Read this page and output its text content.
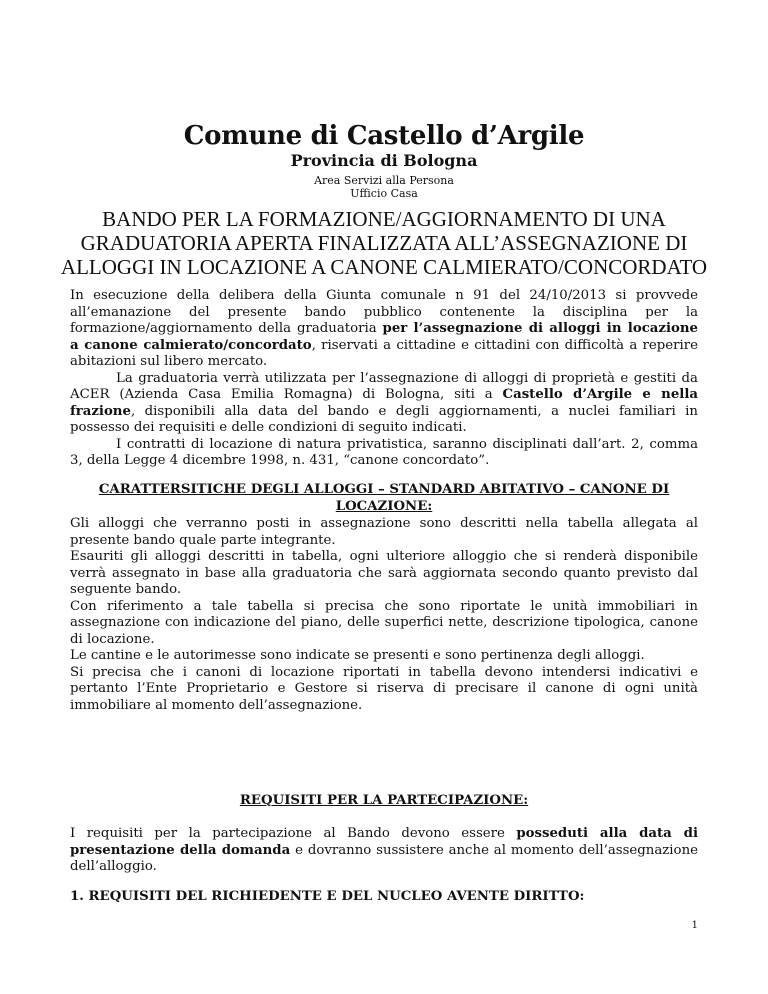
Comune di Castello d’Argile
Provincia di Bologna
Area Servizi alla Persona
Ufficio Casa
BANDO PER LA FORMAZIONE/AGGIORNAMENTO DI UNA
GRADUATORIA APERTA FINALIZZATA ALL’ASSEGNAZIONE DI
ALLOGGI IN LOCAZIONE A CANONE CALMIERATO/CONCORDATO

In esecuzione della delibera della Giunta comunale n 91 del 24/10/2013 si provvede all’emanazione del presente bando pubblico contenente la disciplina per la formazione/aggiornamento della graduatoria per l’assegnazione di alloggi in locazione a canone calmierato/concordato, riservati a cittadine e cittadini con difficoltà a reperire abitazioni sul libero mercato.

La graduatoria verrà utilizzata per l’assegnazione di alloggi di proprietà e gestiti da ACER (Azienda Casa Emilia Romagna) di Bologna, siti a Castello d’Argile e nella frazione, disponibili alla data del bando e degli aggiornamenti, a nuclei familiari in possesso dei requisiti e delle condizioni di seguito indicati.

I contratti di locazione di natura privatistica, saranno disciplinati dall’art. 2, comma 3, della Legge 4 dicembre 1998, n. 431, “canone concordato”.

CARATTERSITICHE DEGLI ALLOGGI – STANDARD ABITATIVO – CANONE DI
LOCAZIONE:

Gli alloggi che verranno posti in assegnazione sono descritti nella tabella allegata al presente bando quale parte integrante.

Esauriti gli alloggi descritti in tabella, ogni ulteriore alloggio che si renderà disponibile verrà assegnato in base alla graduatoria che sarà aggiornata secondo quanto previsto dal seguente bando.

Con riferimento a tale tabella si precisa che sono riportate le unità immobiliari in assegnazione con indicazione del piano, delle superfici nette, descrizione tipologica, canone di locazione.

Le cantine e le autorimesse sono indicate se presenti e sono pertinenza degli alloggi.

Si precisa che i canoni di locazione riportati in tabella devono intendersi indicativi e pertanto l’Ente Proprietario e Gestore si riserva di precisare il canone di ogni unità immobiliare al momento dell’assegnazione.

REQUISITI PER LA PARTECIPAZIONE:

I requisiti per la partecipazione al Bando devono essere posseduti alla data di presentazione della domanda e dovranno sussistere anche al momento dell’assegnazione dell’alloggio.

1. REQUISITI DEL RICHIEDENTE E DEL NUCLEO AVENTE DIRITTO:
1
